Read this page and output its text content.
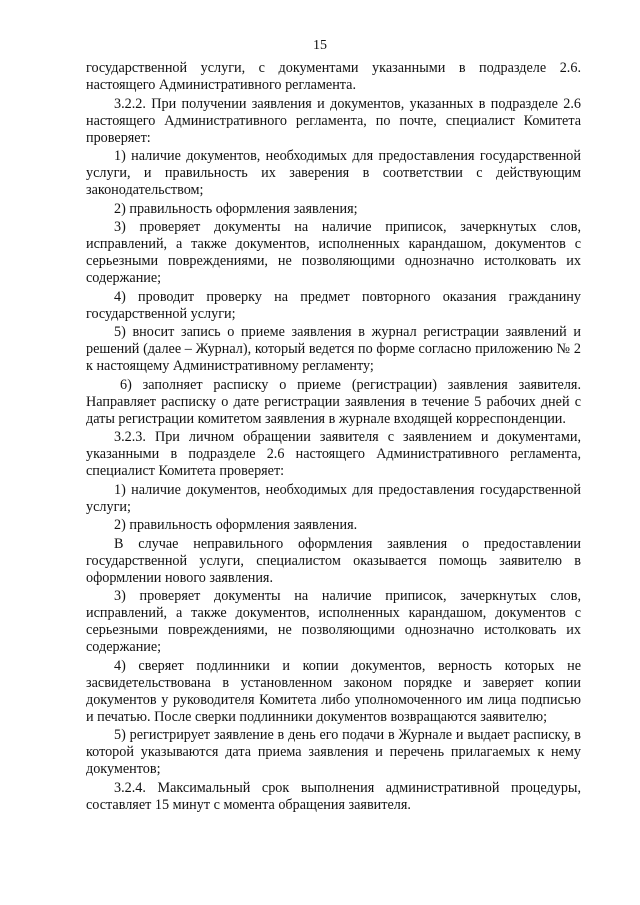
15

государственной услуги, с документами указанными в подразделе 2.6. настоящего Административного регламента.

3.2.2. При получении заявления и документов, указанных в подразделе 2.6 настоящего Административного регламента, по почте, специалист Комитета проверяет:

1) наличие документов, необходимых для предоставления государственной услуги, и правильность их заверения в соответствии с действующим законодательством;

2) правильность оформления заявления;

3) проверяет документы на наличие приписок, зачеркнутых слов, исправлений, а также документов, исполненных карандашом, документов с серьезными повреждениями, не позволяющими однозначно истолковать их содержание;

4) проводит проверку на предмет повторного оказания гражданину государственной услуги;

5) вносит запись о приеме заявления в журнал регистрации заявлений и решений (далее – Журнал), который ведется по форме согласно приложению № 2 к настоящему Административному регламенту;

6) заполняет расписку о приеме (регистрации) заявления заявителя. Направляет расписку о дате регистрации заявления в течение 5 рабочих дней с даты регистрации комитетом заявления в журнале входящей корреспонденции.

3.2.3. При личном обращении заявителя с заявлением и документами, указанными в подразделе 2.6 настоящего Административного регламента, специалист Комитета проверяет:

1) наличие документов, необходимых для предоставления государственной услуги;

2) правильность оформления заявления.

В случае неправильного оформления заявления о предоставлении государственной услуги, специалистом оказывается помощь заявителю в оформлении нового заявления.

3) проверяет документы на наличие приписок, зачеркнутых слов, исправлений, а также документов, исполненных карандашом, документов с серьезными повреждениями, не позволяющими однозначно истолковать их содержание;

4) сверяет подлинники и копии документов, верность которых не засвидетельствована в установленном законом порядке и заверяет копии документов у руководителя Комитета либо уполномоченного им лица подписью и печатью. После сверки подлинники документов возвращаются заявителю;

5) регистрирует заявление в день его подачи в Журнале и выдает расписку, в которой указываются дата приема заявления и перечень прилагаемых к нему документов;

3.2.4. Максимальный срок выполнения административной процедуры, составляет 15 минут с момента обращения заявителя.
